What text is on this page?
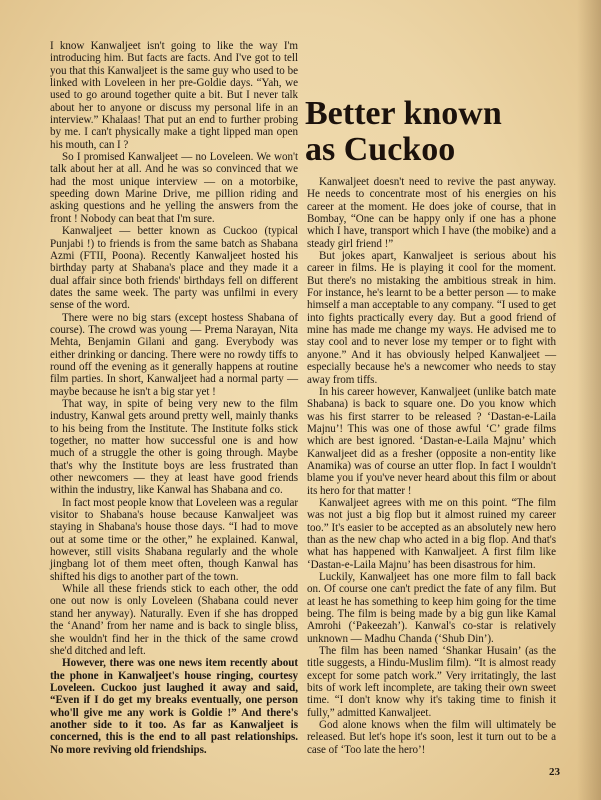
I know Kanwaljeet isn't going to like the way I'm introducing him. But facts are facts. And I've got to tell you that this Kanwaljeet is the same guy who used to be linked with Loveleen in her pre-Goldie days. “Yah, we used to go around together quite a bit. But I never talk about her to anyone or discuss my personal life in an interview.” Khalaas! That put an end to further probing by me. I can't physically make a tight lipped man open his mouth, can I ?

So I promised Kanwaljeet — no Loveleen. We won't talk about her at all. And he was so convinced that we had the most unique interview — on a motorbike, speeding down Marine Drive, me pillion riding and asking questions and he yelling the answers from the front ! Nobody can beat that I'm sure.

Kanwaljeet — better known as Cuckoo (typical Punjabi !) to friends is from the same batch as Shabana Azmi (FTII, Poona). Recently Kanwaljeet hosted his birthday party at Shabana's place and they made it a dual affair since both friends' birthdays fell on different dates the same week. The party was unfilmi in every sense of the word.

There were no big stars (except hostess Shabana of course). The crowd was young — Prema Narayan, Nita Mehta, Benjamin Gilani and gang. Everybody was either drinking or dancing. There were no rowdy tiffs to round off the evening as it generally happens at routine film parties. In short, Kanwaljeet had a normal party — maybe because he isn't a big star yet !

That way, in spite of being very new to the film industry, Kanwal gets around pretty well, mainly thanks to his being from the Institute. The Institute folks stick together, no matter how successful one is and how much of a struggle the other is going through. Maybe that's why the Institute boys are less frustrated than other newcomers — they at least have good friends within the industry, like Kanwal has Shabana and co.

In fact most people know that Loveleen was a regular visitor to Shabana's house because Kanwaljeet was staying in Shabana's house those days. “I had to move out at some time or the other,” he explained. Kanwal, however, still visits Shabana regularly and the whole jingbang lot of them meet often, though Kanwal has shifted his digs to another part of the town.

While all these friends stick to each other, the odd one out now is only Loveleen (Shabana could never stand her anyway). Naturally. Even if she has dropped the ‘Anand’ from her name and is back to single bliss, she wouldn't find her in the thick of the same crowd she'd ditched and left.

However, there was one news item recently about the phone in Kanwaljeet's house ringing, courtesy Loveleen. Cuckoo just laughed it away and said, “Even if I do get my breaks eventually, one person who'll give me any work is Goldie !” And there's another side to it too. As far as Kanwaljeet is concerned, this is the end to all past relationships. No more reviving old friendships.

Better known
as Cuckoo

Kanwaljeet doesn't need to revive the past anyway. He needs to concentrate most of his energies on his career at the moment. He does joke of course, that in Bombay, “One can be happy only if one has a phone which I have, transport which I have (the mobike) and a steady girl friend !”

But jokes apart, Kanwaljeet is serious about his career in films. He is playing it cool for the moment. But there's no mistaking the ambitious streak in him. For instance, he's learnt to be a better person — to make himself a man acceptable to any company. “I used to get into fights practically every day. But a good friend of mine has made me change my ways. He advised me to stay cool and to never lose my temper or to fight with anyone.” And it has obviously helped Kanwaljeet — especially because he's a newcomer who needs to stay away from tiffs.

In his career however, Kanwaljeet (unlike batch mate Shabana) is back to square one. Do you know which was his first starrer to be released ? ‘Dastan-e-Laila Majnu’! This was one of those awful ‘C’ grade films which are best ignored. ‘Dastan-e-Laila Majnu’ which Kanwaljeet did as a fresher (opposite a non-entity like Anamika) was of course an utter flop. In fact I wouldn't blame you if you've never heard about this film or about its hero for that matter !

Kanwaljeet agrees with me on this point. “The film was not just a big flop but it almost ruined my career too.” It's easier to be accepted as an absolutely new hero than as the new chap who acted in a big flop. And that's what has happened with Kanwaljeet. A first film like ‘Dastan-e-Laila Majnu’ has been disastrous for him.

Luckily, Kanwaljeet has one more film to fall back on. Of course one can't predict the fate of any film. But at least he has something to keep him going for the time being. The film is being made by a big gun like Kamal Amrohi (‘Pakeezah’). Kanwal's co-star is relatively unknown — Madhu Chanda (‘Shub Din’).

The film has been named ‘Shankar Husain’ (as the title suggests, a Hindu-Muslim film). “It is almost ready except for some patch work.” Very irritatingly, the last bits of work left incomplete, are taking their own sweet time. “I don't know why it's taking time to finish it fully,” admitted Kanwaljeet.

God alone knows when the film will ultimately be released. But let's hope it's soon, lest it turn out to be a case of ‘Too late the hero’!

23
